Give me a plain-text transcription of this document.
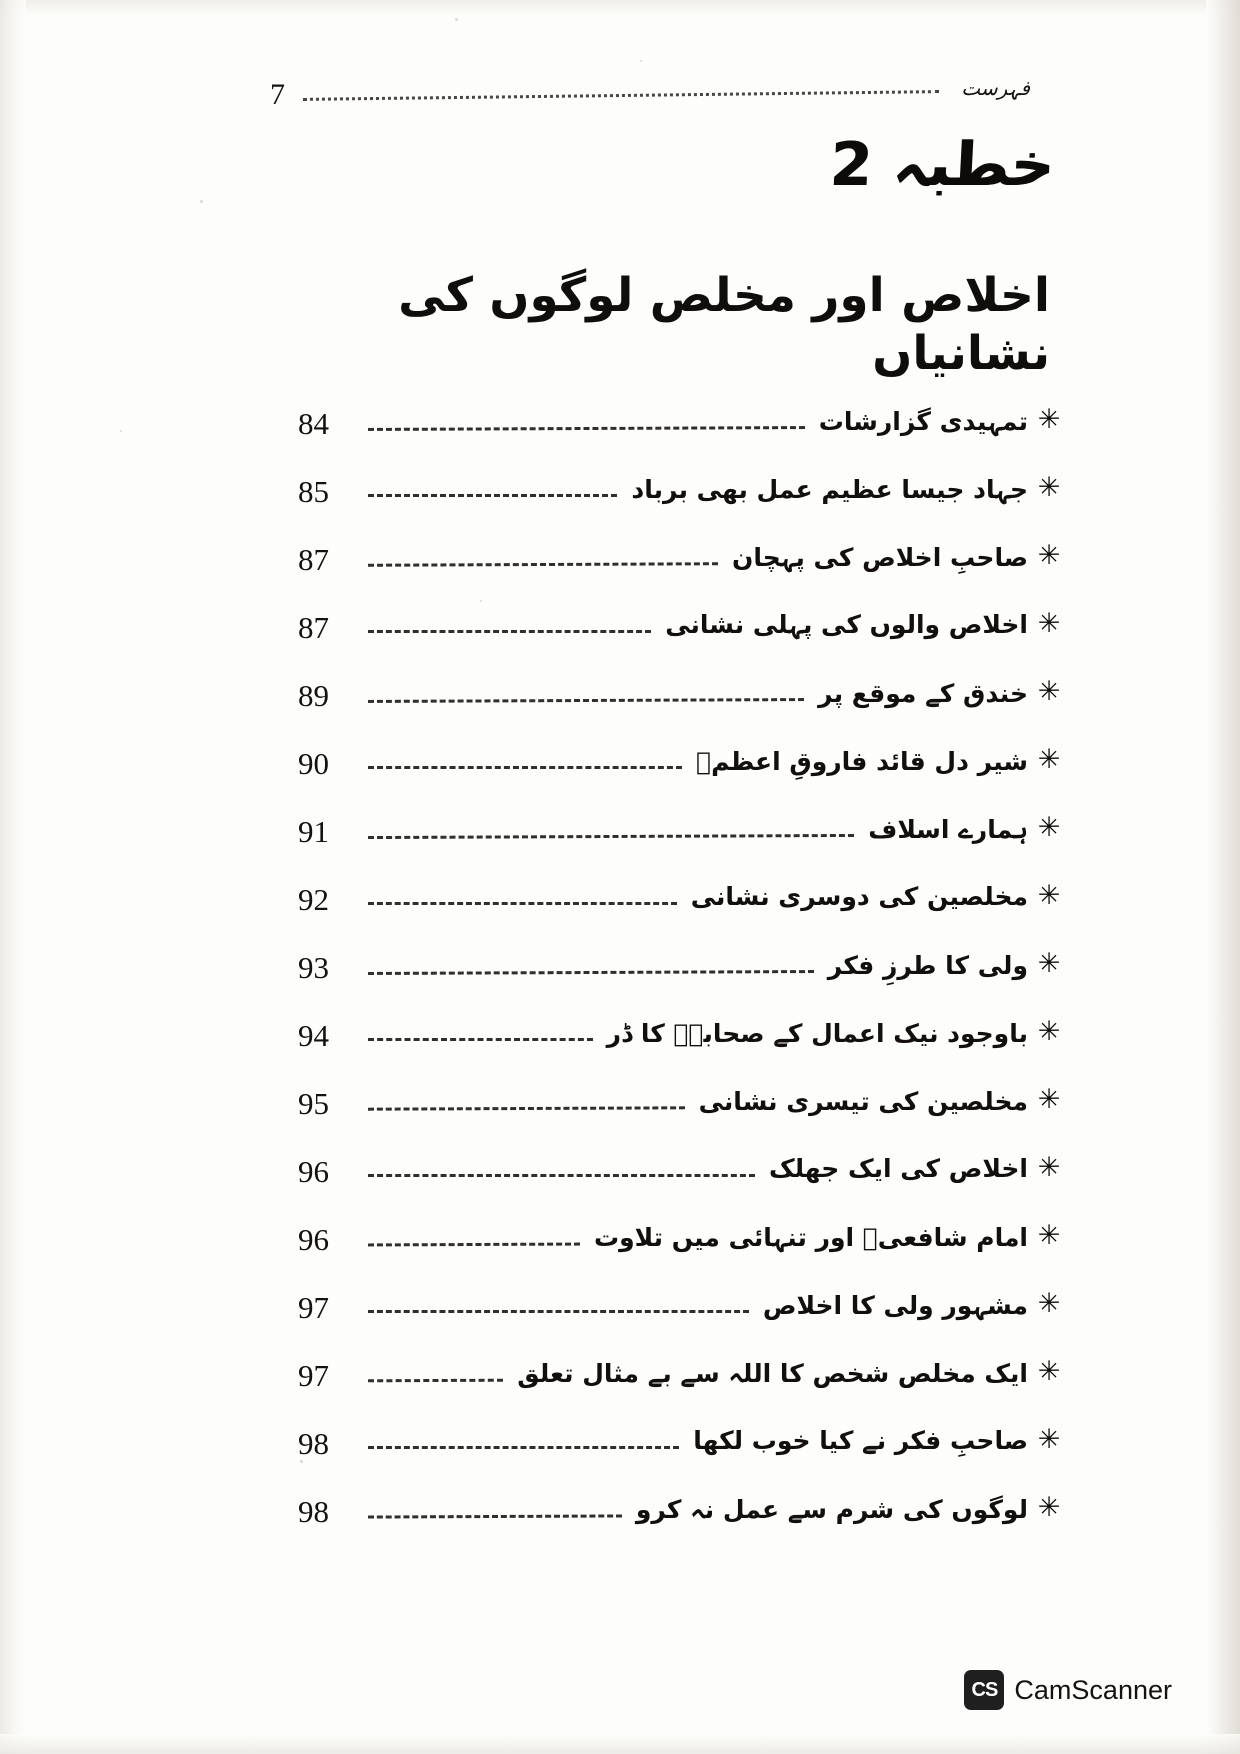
فہرست
7
خطبہ 2
اخلاص اور مخلص لوگوں کی نشانیاں
✳
تمہیدی گزارشات
84
✳
جہاد جیسا عظیم عمل بھی برباد
85
✳
صاحبِ اخلاص کی پہچان
87
✳
اخلاص والوں کی پہلی نشانی
87
✳
خندق کے موقع پر
89
✳
شیر دل قائد فاروقِ اعظمؓ
90
✳
ہمارے اسلاف
91
✳
مخلصین کی دوسری نشانی
92
✳
ولی کا طرزِ فکر
93
✳
باوجود نیک اعمال کے صحابہؓ کا ڈر
94
✳
مخلصین کی تیسری نشانی
95
✳
اخلاص کی ایک جھلک
96
✳
امام شافعیؒ اور تنہائی میں تلاوت
96
✳
مشہور ولی کا اخلاص
97
✳
ایک مخلص شخص کا اللہ سے بے مثال تعلق
97
✳
صاحبِ فکر نے کیا خوب لکھا
98
✳
لوگوں کی شرم سے عمل نہ کرو
98
CS CamScanner
